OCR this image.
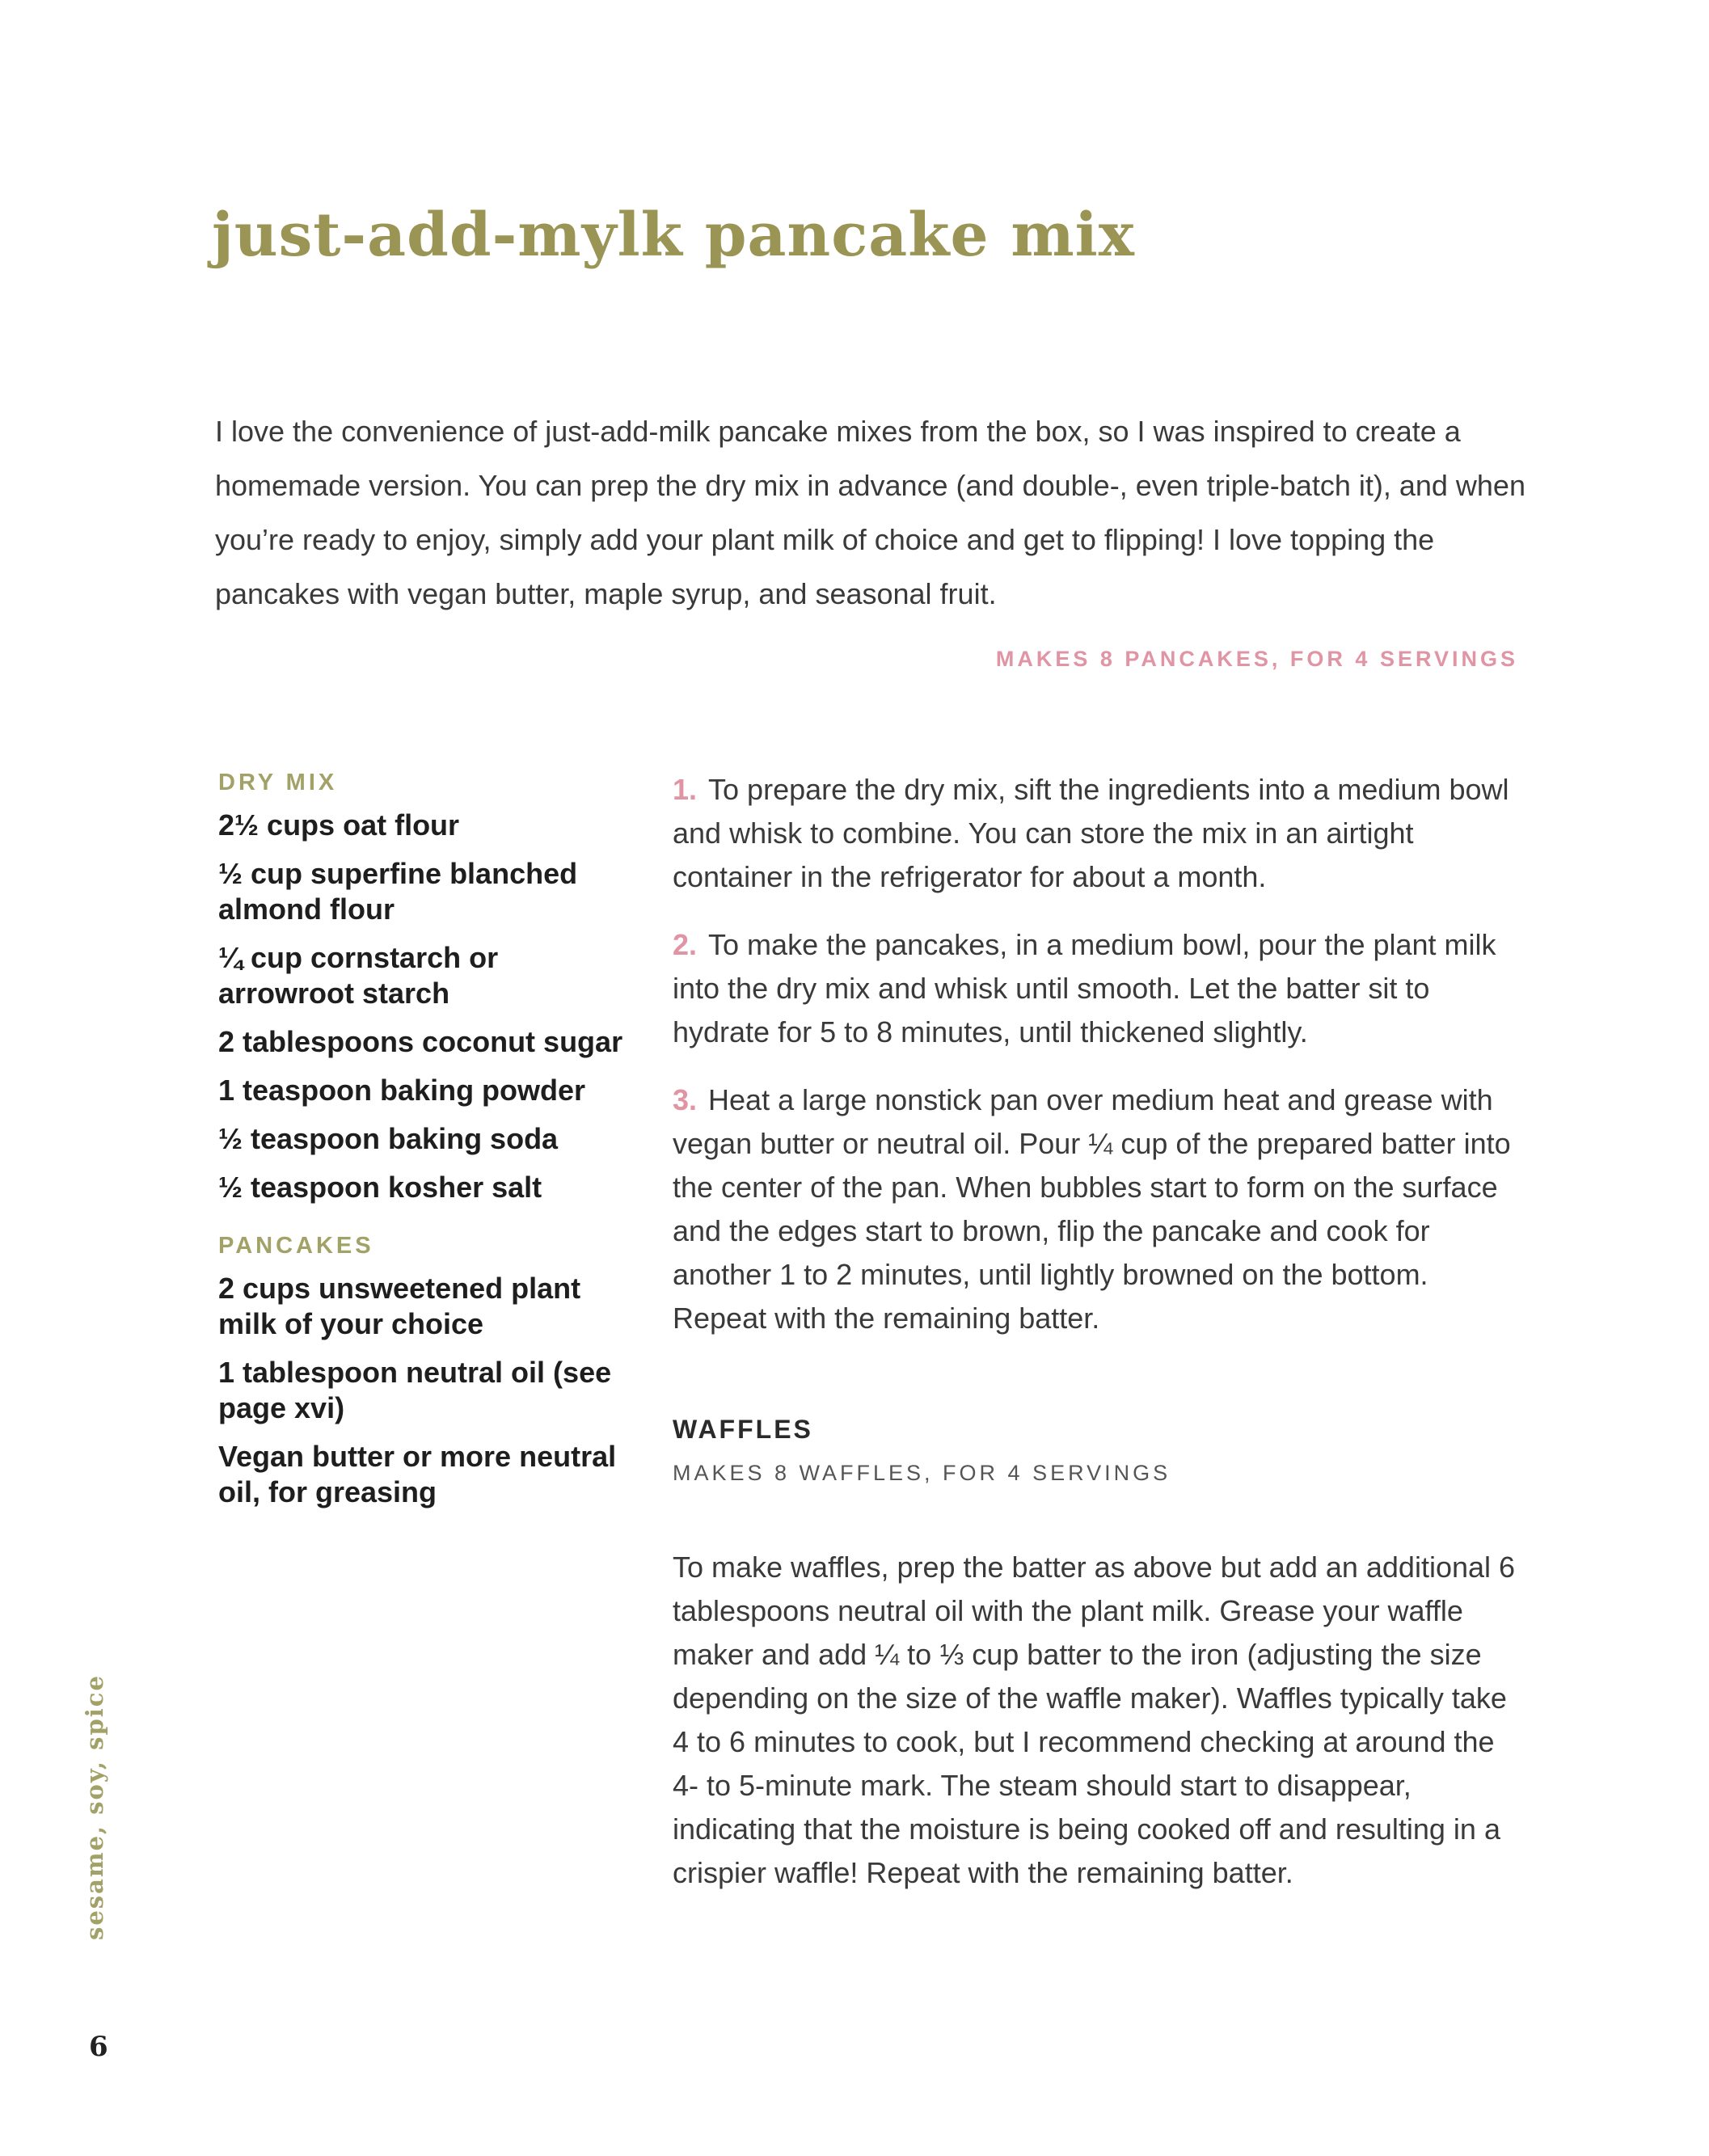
just-add-mylk pancake mix

I love the convenience of just-add-milk pancake mixes from the box, so I was inspired to create a homemade version. You can prep the dry mix in advance (and double-, even triple-batch it), and when you’re ready to enjoy, simply add your plant milk of choice and get to flipping! I love topping the pancakes with vegan butter, maple syrup, and seasonal fruit.

MAKES 8 PANCAKES, FOR 4 SERVINGS

DRY MIX

2½ cups oat flour
½ cup superfine blanched almond flour
¼ cup cornstarch or arrowroot starch
2 tablespoons coconut sugar
1 teaspoon baking powder
½ teaspoon baking soda
½ teaspoon kosher salt

PANCAKES

2 cups unsweetened plant milk of your choice
1 tablespoon neutral oil (see page xvi)
Vegan butter or more neutral oil, for greasing

1. To prepare the dry mix, sift the ingredients into a medium bowl and whisk to combine. You can store the mix in an airtight container in the refrigerator for about a month.

2. To make the pancakes, in a medium bowl, pour the plant milk into the dry mix and whisk until smooth. Let the batter sit to hydrate for 5 to 8 minutes, until thickened slightly.

3. Heat a large nonstick pan over medium heat and grease with vegan butter or neutral oil. Pour ¼ cup of the prepared batter into the center of the pan. When bubbles start to form on the surface and the edges start to brown, flip the pancake and cook for another 1 to 2 minutes, until lightly browned on the bottom. Repeat with the remaining batter.

WAFFLES

MAKES 8 WAFFLES, FOR 4 SERVINGS

To make waffles, prep the batter as above but add an additional 6 tablespoons neutral oil with the plant milk. Grease your waffle maker and add ¼ to ⅓ cup batter to the iron (adjusting the size depending on the size of the waffle maker). Waffles typically take 4 to 6 minutes to cook, but I recommend checking at around the 4- to 5-minute mark. The steam should start to disappear, indicating that the moisture is being cooked off and resulting in a crispier waffle! Repeat with the remaining batter.

sesame, soy, spice

6
